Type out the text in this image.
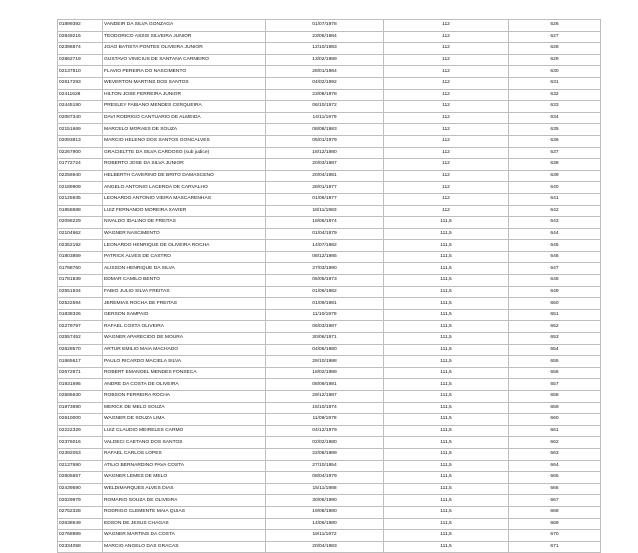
01899392	VANDEIR DA SILVA GONZAGA	01/07/1978	112	626
02849216	TEODORICO ASSIS SILVEIRA JUNIOR	23/05/1984	112	627
02396874	JOAO BATISTA PONTES OLIVEIRA JUNIOR	12/10/1983	112	628
02862719	GUSTAVO VINICIUS DE SANTANA CARNEIRO	13/02/1989	112	629
02137810	FLAVIO PEREIRA DO NASCIMENTO	28/01/1984	112	630
02617293	WEVERTON MARTINS DOS SANTOS	04/02/1992	112	631
02411628	HILTON JOSE FERREIRA JUNIOR	23/08/1978	112	632
02445190	PRESLEY FABIANO MENDES CERQUEIRA	06/10/1972	112	633
02087340	DAVI RODRIGO CANTUARIO DE ALMEIDA	14/11/1979	112	634
02151669	MARCELO MORAES DE SOUZA	08/08/1983	112	635
02093813	MARCIO HELENO DOS SANTOS GONCALVES	05/01/1979	112	636
02267900	GRACIELTTE DA SILVA CARDOSO (sub judice)	18/12/1980	112	637
01772724	ROBERTO JOSE DA SILVA JUNIOR	20/03/1987	112	638
02256940	HELBERTH CAVERINO DE BRITO DAMASCENO	20/04/1981	112	639
02189909	ANGELO ANTONIO LACERDA DE CARVALHO	28/01/1977	112	640
02125935	LEONARDO ANTONIO VIEIRA MASCARENHAS	01/06/1977	112	641
01858688	LUIZ FERNANDO MOREIRA XAVIER	18/11/1983	112	642
02098229	NIVALDO IDALINO DE FREITAS	18/06/1974	111,5	643
02104962	WAGNER NASCIMENTO	01/04/1979	111,5	644
02352192	LEONARDO HENRIQUE DE OLIVEIRA ROCHA	14/07/1982	111,5	645
01803859	PATRICK ALVES DE CASTRO	08/12/1985	111,5	646
01788760	ALISSON HENRIQUE DA SILVA	27/03/1990	111,5	647
01781839	EDMAR CAMILO BENTO	05/05/1973	111,5	648
02551934	FABIO JULIO SILVA FREITAS	01/06/1982	111,5	649
02522594	JEREMIAS ROCHA DE FREITAS	01/09/1981	111,5	650
01838326	GERSON SAMPAIO	11/10/1979	111,5	651
02279797	RAFAEL COSTA OLIVEIRA	06/03/1987	111,5	652
02557452	WAGNER APARECIDO DE MOURA	30/06/1971	111,5	653
02628570	ARTUR EMILIO MAIA MACHADO	04/06/1980	111,5	654
01865617	PAULO RICARDO MACIELA SILVA	29/10/1988	111,5	655
02672871	ROBERT EMANOEL MENDES FONSECA	18/02/1989	111,5	656
01931695	ANDRE DA COSTA DE OLIVEIRA	08/09/1981	111,5	657
02586630	ROBSON FERREIRA ROCHA	29/12/1987	111,5	658
01973690	MERICK DE MELO SOUZA	15/10/1974	111,5	659
02610000	WAGNER DE SOUZA LIMA	11/09/1978	111,5	660
02222329	LUIZ CLAUDIO MEIRELES CARMO	04/12/1979	111,5	661
02376016	VALDECI CAETANO DOS SANTOS	02/02/1980	111,5	662
02392053	RAFAEL CARLOS LOPES	22/08/1989	111,5	663
02137690	ATILIO BERNARDINO PAVA COSTA	27/10/1954	111,5	664
02605657	WAGNER LEMES DE MELO	08/04/1979	111,5	665
02439590	WELDIMARQUES ALVES DIAS	15/11/1988	111,5	666
02029979	ROMARIO SOUZA DE OLIVEIRA	30/05/1990	111,5	667
02752328	RODRIGO CLEMENTE MAIA QUIAS	19/08/1980	111,5	668
02638649	EDSON DE JESUS CHAGAS	14/06/1980	111,5	669
02768989	WAGNER MARTINS DA COSTA	19/11/1972	111,5	670
02334058	MARCIO ANGELO DAS GRACAS	20/04/1983	111,5	671
